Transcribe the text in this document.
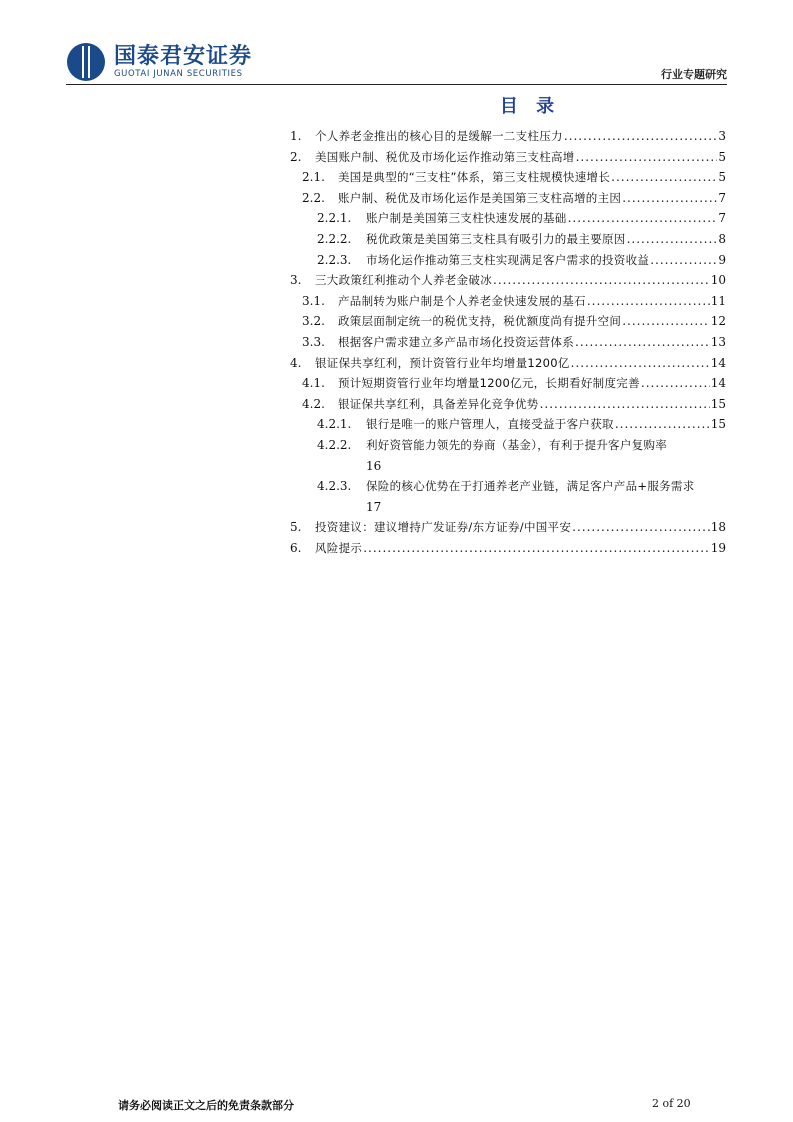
国泰君安证券
GUOTAI JUNAN SECURITIES	行业专题研究
目 录
1.	个人养老金推出的核心目的是缓解一二支柱压力 .....	3
2.	美国账户制、税优及市场化运作推动第三支柱高增 .....	5
2.1.	美国是典型的“三支柱”体系，第三支柱规模快速增长 .....	5
2.2.	账户制、税优及市场化运作是美国第三支柱高增的主因 .....	7
2.2.1.	账户制是美国第三支柱快速发展的基础 .....	7
2.2.2.	税优政策是美国第三支柱具有吸引力的最主要原因 .....	8
2.2.3.	市场化运作推动第三支柱实现满足客户需求的投资收益 .....	9
3.	三大政策红利推动个人养老金破冰 .....	10
3.1.	产品制转为账户制是个人养老金快速发展的基石 .....	11
3.2.	政策层面制定统一的税优支持，税优额度尚有提升空间 .....	12
3.3.	根据客户需求建立多产品市场化投资运营体系 .....	13
4.	银证保共享红利，预计资管行业年均增量1200亿 .....	14
4.1.	预计短期资管行业年均增量1200亿元，长期看好制度完善 .....	14
4.2.	银证保共享红利，具备差异化竞争优势 .....	15
4.2.1.	银行是唯一的账户管理人，直接受益于客户获取 .....	15
4.2.2.	利好资管能力领先的券商（基金），有利于提升客户复购率
16
4.2.3.	保险的核心优势在于打通养老产业链，满足客户产品+服务需求
17
5.	投资建议：建议增持广发证券/东方证券/中国平安 .....	18
6.	风险提示 .....	19
请务必阅读正文之后的免责条款部分	2 of 20
